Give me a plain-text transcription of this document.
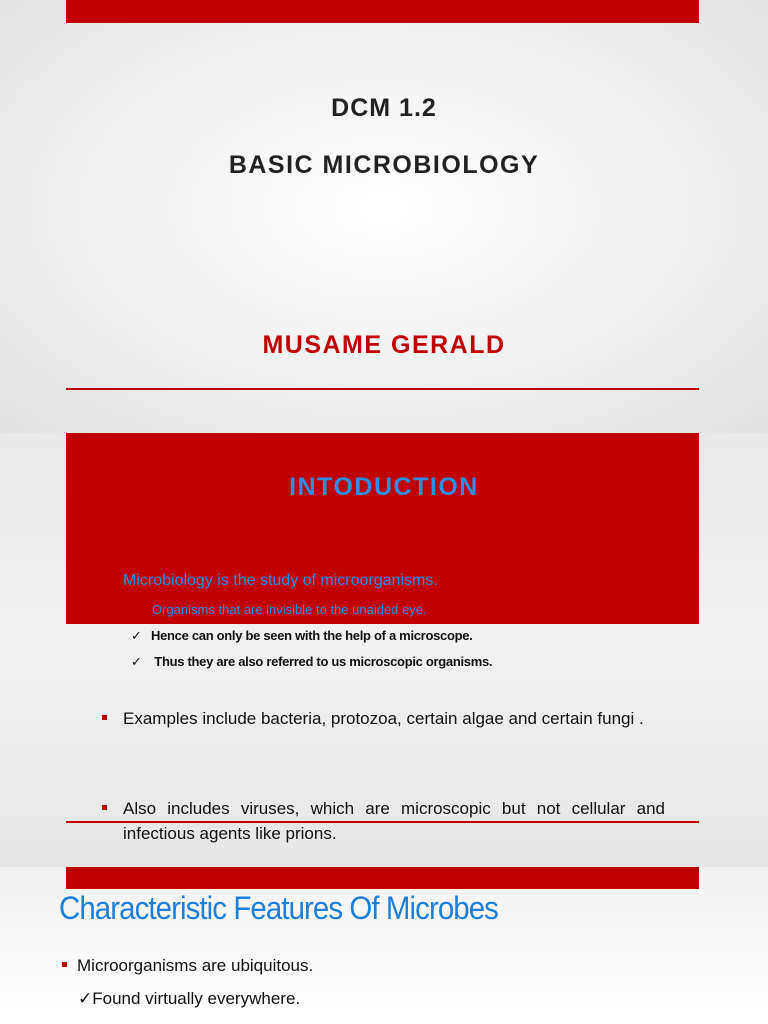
DCM 1.2
BASIC MICROBIOLOGY
MUSAME GERALD
INTODUCTION
Microbiology is the study of microorganisms.
Organisms that are invisible to the unaided eye.
✓ Hence can only be seen with the help of a microscope.
✓ Thus they are also referred to us microscopic organisms.
Examples include bacteria, protozoa, certain algae and certain fungi .
Also includes viruses, which are microscopic but not cellular and infectious agents like prions.
Characteristic Features Of Microbes
Microorganisms are ubiquitous.
✓Found virtually everywhere.
